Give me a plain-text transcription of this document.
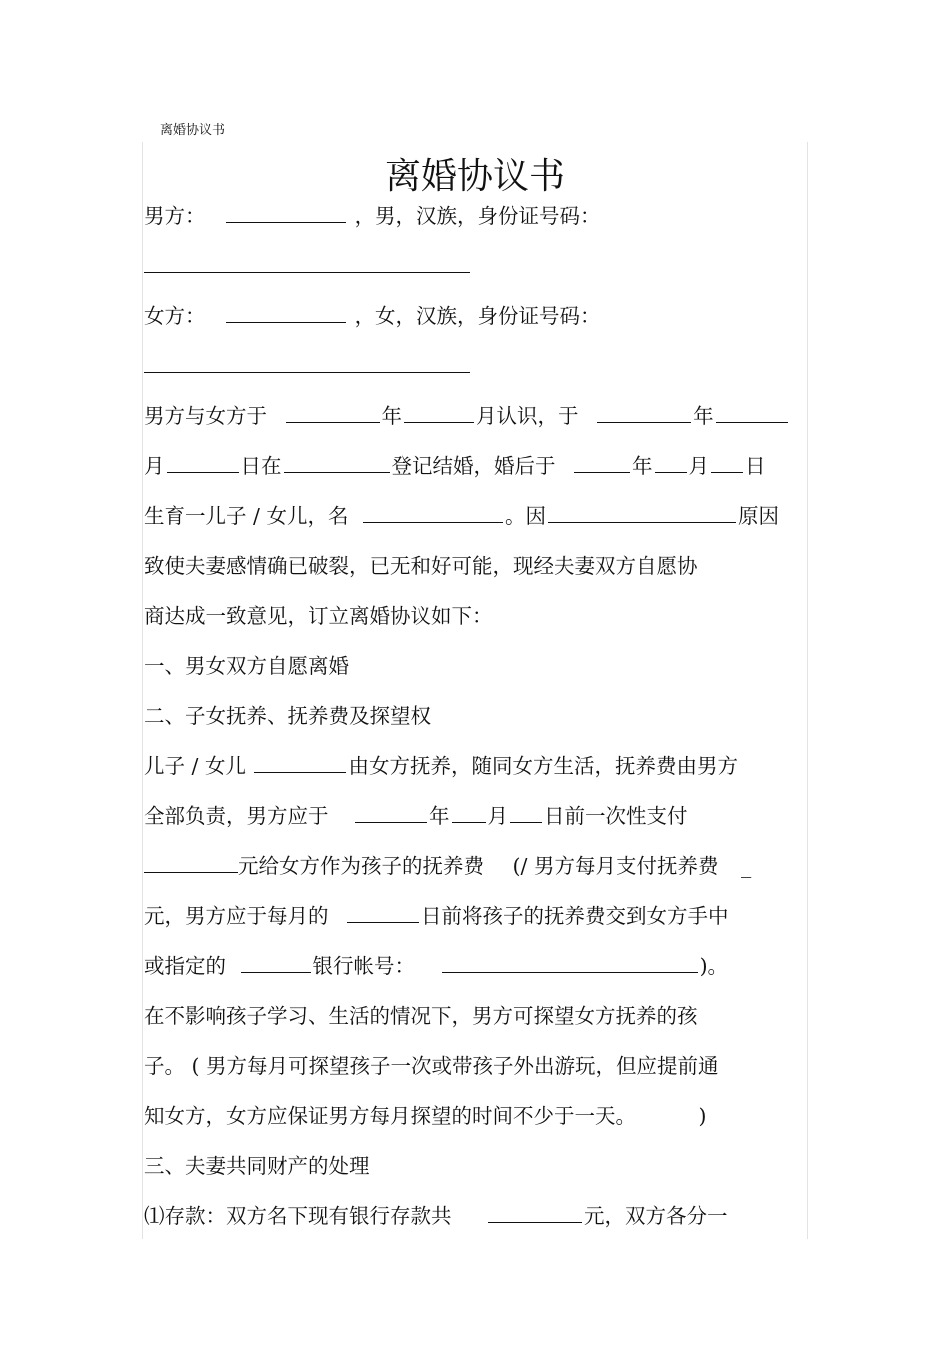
离婚协议书
离婚协议书
男方：	，男，汉族，身份证号码：
女方：	，女，汉族，身份证号码：
男方与女方于	年	月认识，于	年
月	日在	登记结婚，婚后于	年 月 日
生育一儿子 / 女儿，名	。因	原因
致使夫妻感情确已破裂，已无和好可能，现经夫妻双方自愿协
商达成一致意见，订立离婚协议如下：
一、男女双方自愿离婚
二、子女抚养、抚养费及探望权
儿子 / 女儿	由女方抚养，随同女方生活，抚养费由男方
全部负责，男方应于	年 月 日前一次性支付
元给女方作为孩子的抚养费 (/ 男方每月支付抚养费 _
元，男方应于每月的	日前将孩子的抚养费交到女方手中
或指定的	银行帐号：	)。
在不影响孩子学习、生活的情况下，男方可探望女方抚养的孩
子。 ( 男方每月可探望孩子一次或带孩子外出游玩，但应提前通
知女方，女方应保证男方每月探望的时间不少于一天。	)
三、夫妻共同财产的处理
⑴存款：双方名下现有银行存款共	元，双方各分一
